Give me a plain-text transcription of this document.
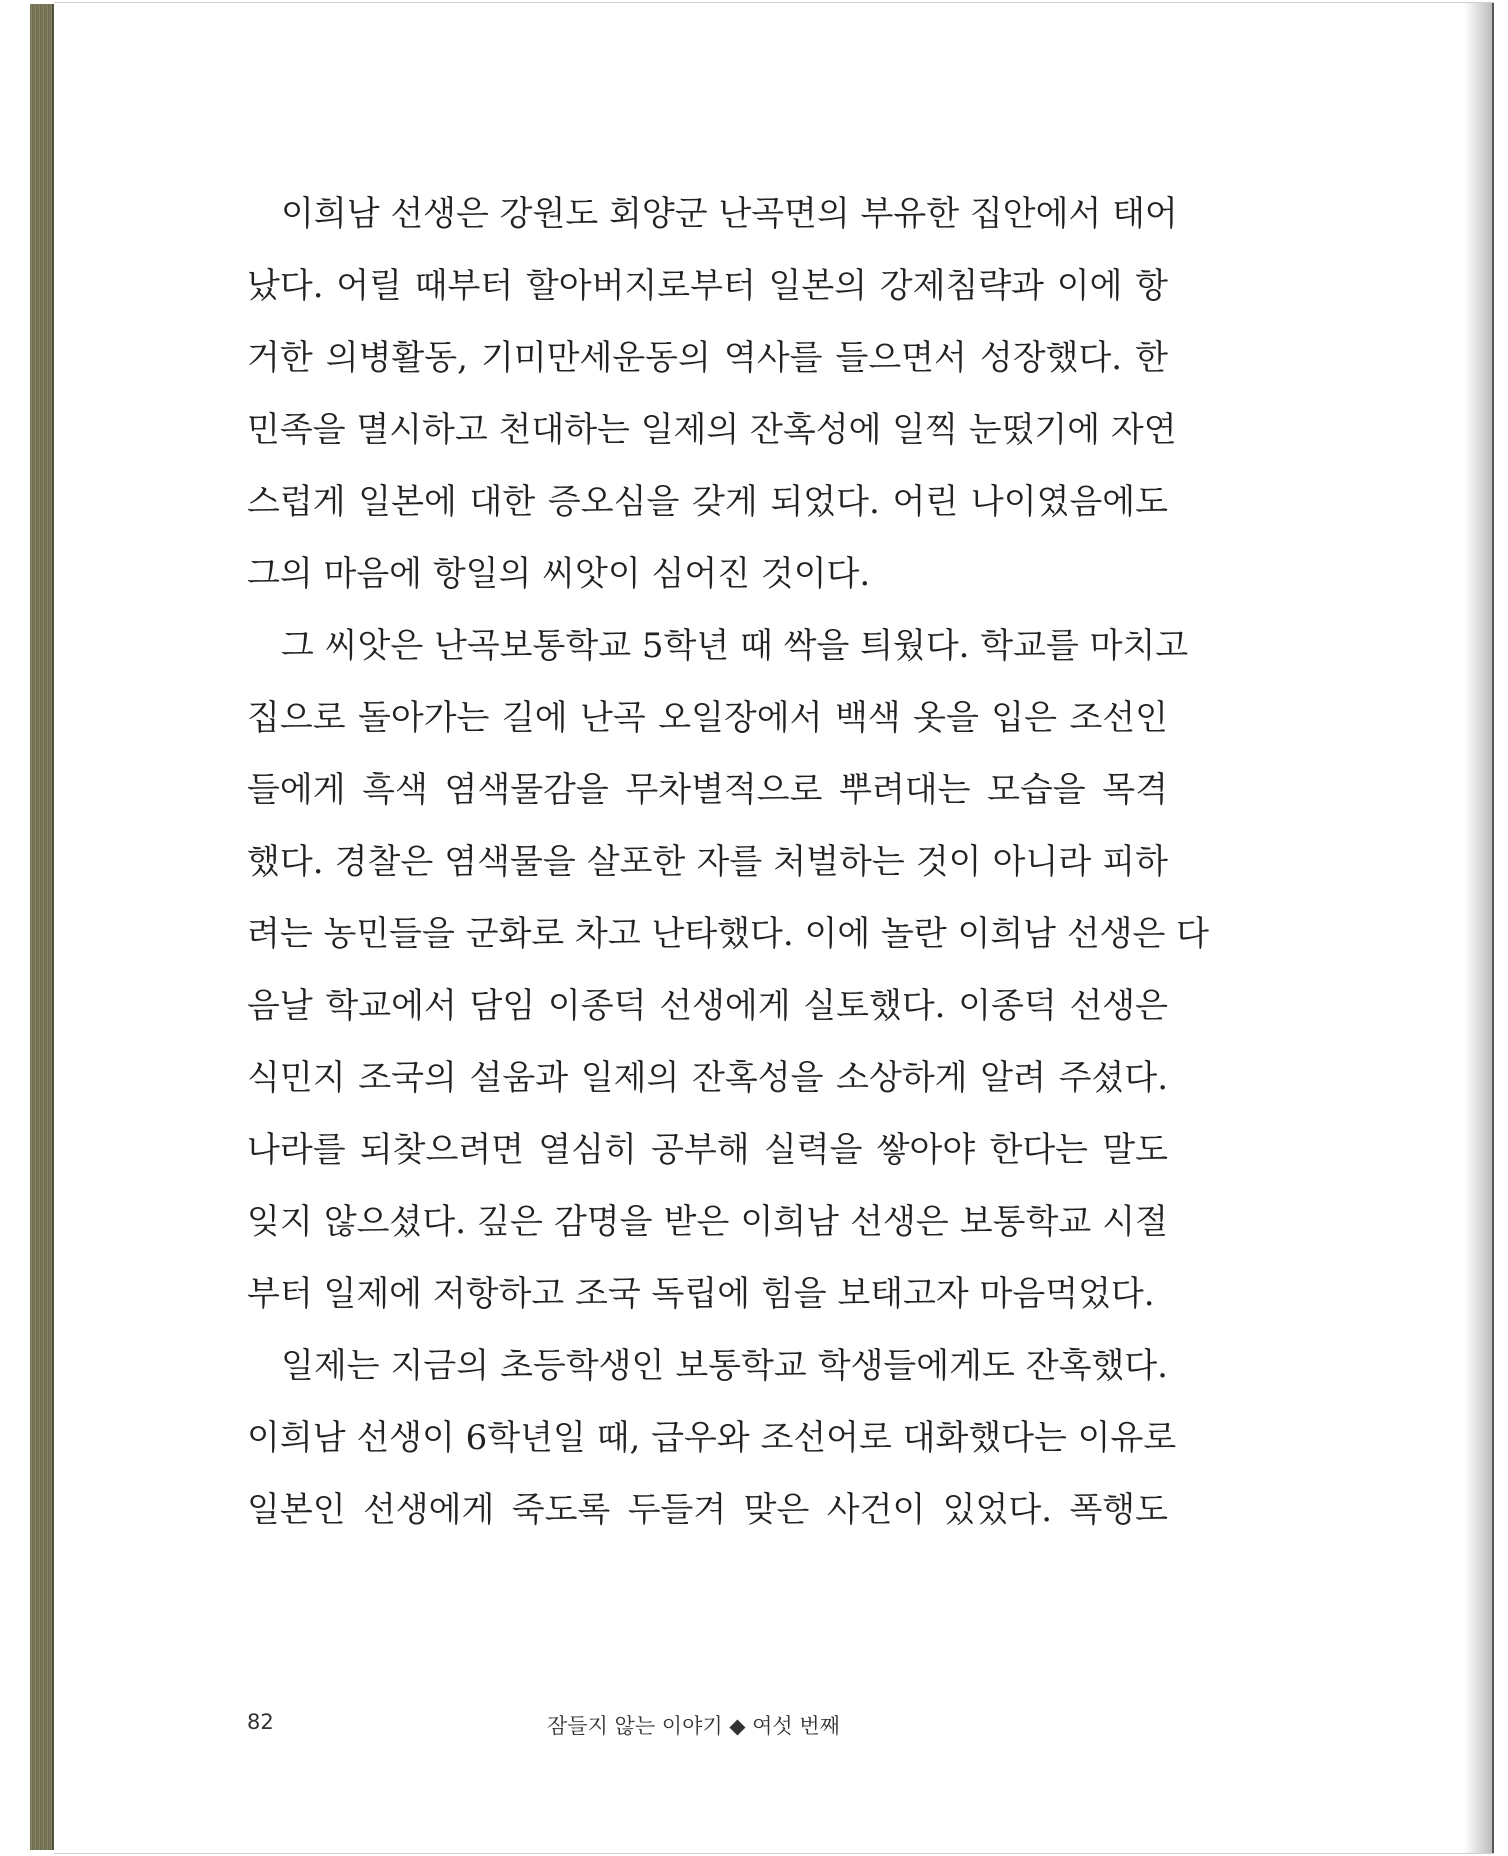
이희남 선생은 강원도 회양군 난곡면의 부유한 집안에서 태어
났다. 어릴 때부터 할아버지로부터 일본의 강제침략과 이에 항
거한 의병활동, 기미만세운동의 역사를 들으면서 성장했다. 한
민족을 멸시하고 천대하는 일제의 잔혹성에 일찍 눈떴기에 자연
스럽게 일본에 대한 증오심을 갖게 되었다. 어린 나이였음에도
그의 마음에 항일의 씨앗이 심어진 것이다.
그 씨앗은 난곡보통학교 5학년 때 싹을 틔웠다. 학교를 마치고
집으로 돌아가는 길에 난곡 오일장에서 백색 옷을 입은 조선인
들에게 흑색 염색물감을 무차별적으로 뿌려대는 모습을 목격
했다. 경찰은 염색물을 살포한 자를 처벌하는 것이 아니라 피하
려는 농민들을 군화로 차고 난타했다. 이에 놀란 이희남 선생은 다
음날 학교에서 담임 이종덕 선생에게 실토했다. 이종덕 선생은
식민지 조국의 설움과 일제의 잔혹성을 소상하게 알려 주셨다.
나라를 되찾으려면 열심히 공부해 실력을 쌓아야 한다는 말도
잊지 않으셨다. 깊은 감명을 받은 이희남 선생은 보통학교 시절
부터 일제에 저항하고 조국 독립에 힘을 보태고자 마음먹었다.
일제는 지금의 초등학생인 보통학교 학생들에게도 잔혹했다.
이희남 선생이 6학년일 때, 급우와 조선어로 대화했다는 이유로
일본인 선생에게 죽도록 두들겨 맞은 사건이 있었다. 폭행도
82	잠들지 않는 이야기 ◆ 여섯 번째
